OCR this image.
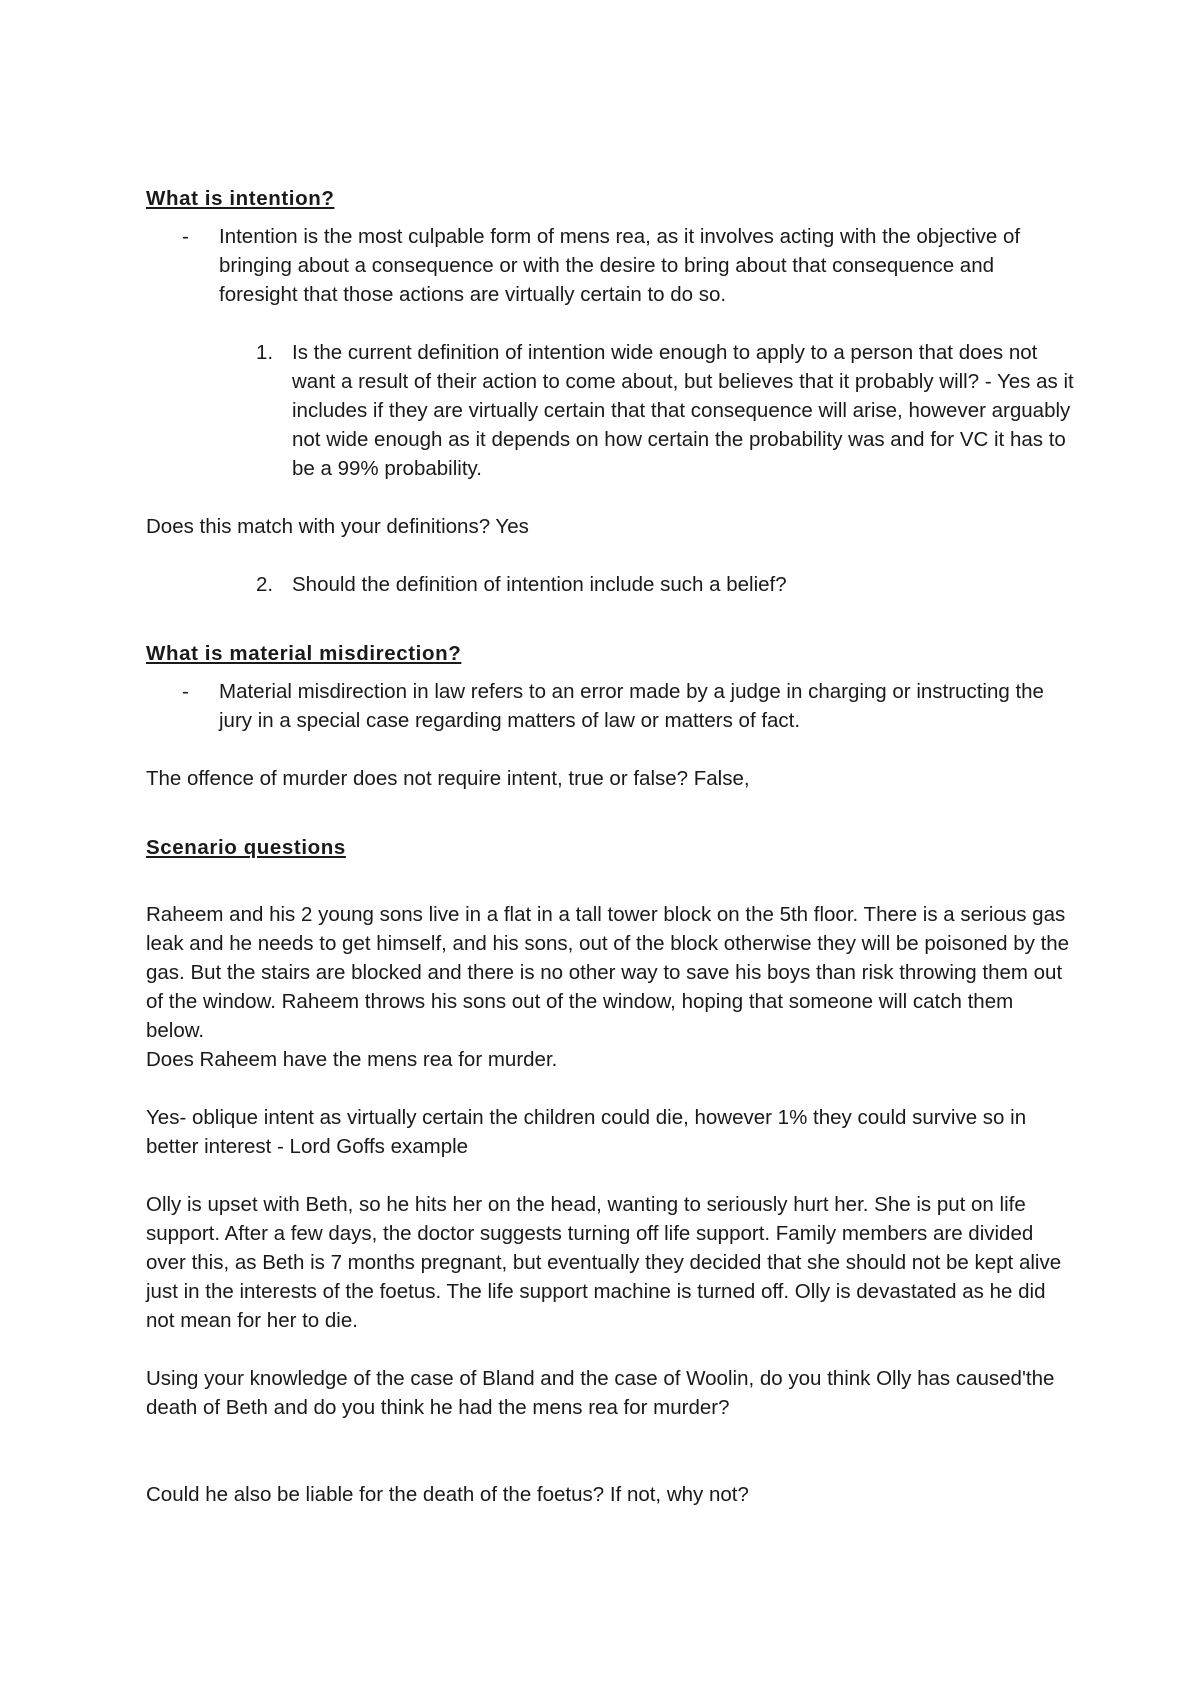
What is intention?

- Intention is the most culpable form of mens rea, as it involves acting with the objective of bringing about a consequence or with the desire to bring about that consequence and foresight that those actions are virtually certain to do so.
1. Is the current definition of intention wide enough to apply to a person that does not want a result of their action to come about, but believes that it probably will? - Yes as it includes if they are virtually certain that that consequence will arise, however arguably not wide enough as it depends on how certain the probability was and for VC it has to be a 99% probability.

Does this match with your definitions? Yes

2. Should the definition of intention include such a belief?

What is material misdirection?

- Material misdirection in law refers to an error made by a judge in charging or instructing the jury in a special case regarding matters of law or matters of fact.

The offence of murder does not require intent, true or false? False,

Scenario questions

Raheem and his 2 young sons live in a flat in a tall tower block on the 5th floor. There is a serious gas leak and he needs to get himself, and his sons, out of the block otherwise they will be poisoned by the gas. But the stairs are blocked and there is no other way to save his boys than risk throwing them out of the window. Raheem throws his sons out of the window, hoping that someone will catch them below.

Does Raheem have the mens rea for murder.

Yes- oblique intent as virtually certain the children could die, however 1% they could survive so in better interest - Lord Goffs example

Olly is upset with Beth, so he hits her on the head, wanting to seriously hurt her. She is put on life support. After a few days, the doctor suggests turning off life support. Family members are divided over this, as Beth is 7 months pregnant, but eventually they decided that she should not be kept alive just in the interests of the foetus. The life support machine is turned off. Olly is devastated as he did not mean for her to die.

Using your knowledge of the case of Bland and the case of Woolin, do you think Olly has caused'the death of Beth and do you think he had the mens rea for murder?

Could he also be liable for the death of the foetus? If not, why not?
